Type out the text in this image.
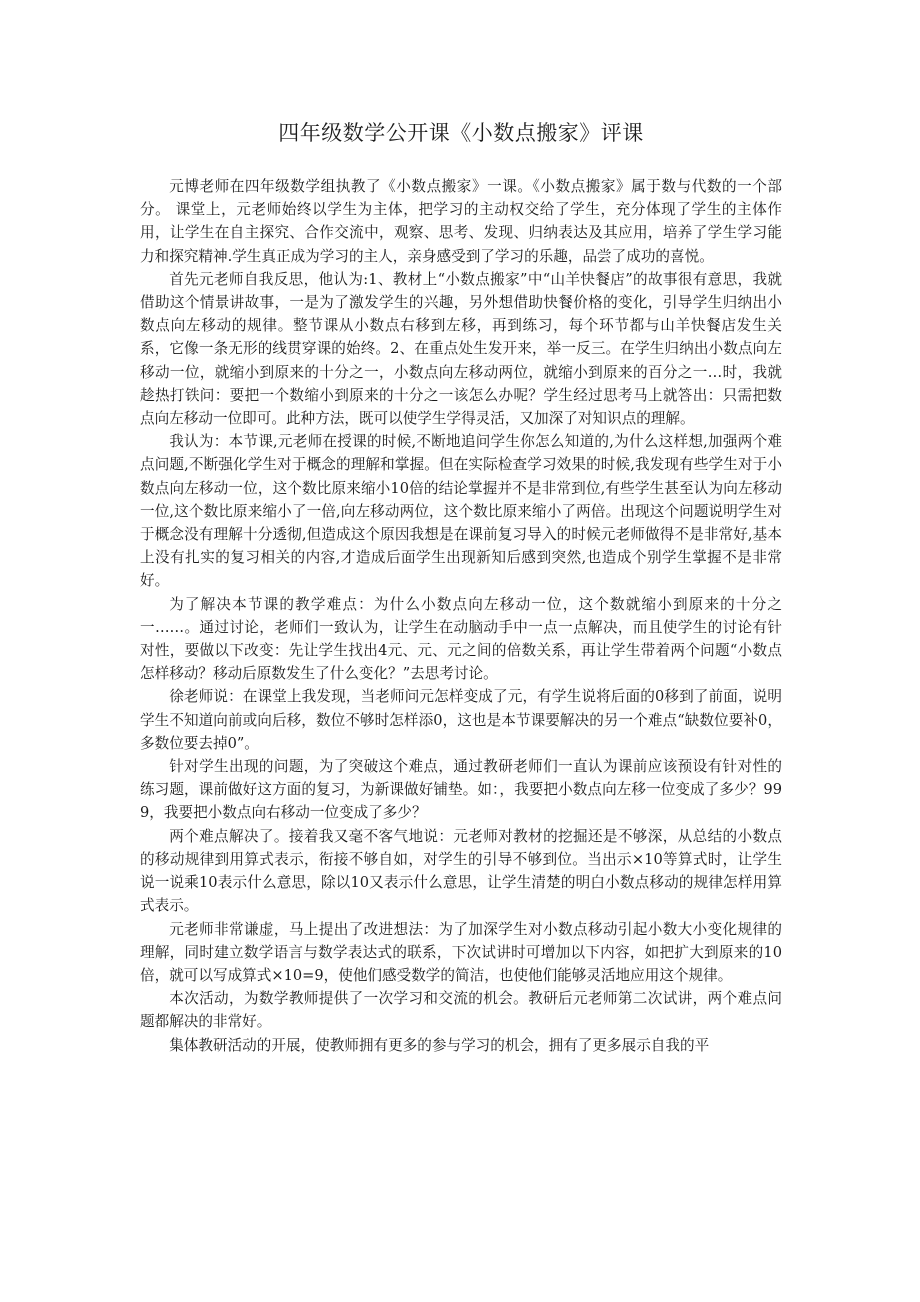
四年级数学公开课《小数点搬家》评课

元博老师在四年级数学组执教了《小数点搬家》一课。《小数点搬家》属于数与代数的一个部分。 课堂上，元老师始终以学生为主体，把学习的主动权交给了学生，充分体现了学生的主体作用，让学生在自主探究、合作交流中，观察、思考、发现、归纳表达及其应用，培养了学生学习能力和探究精神.学生真正成为学习的主人，亲身感受到了学习的乐趣，品尝了成功的喜悦。

首先元老师自我反思，他认为:1、教材上“小数点搬家”中“山羊快餐店”的故事很有意思，我就借助这个情景讲故事，一是为了激发学生的兴趣，另外想借助快餐价格的变化，引导学生归纳出小数点向左移动的规律。整节课从小数点右移到左移，再到练习，每个环节都与山羊快餐店发生关系，它像一条无形的线贯穿课的始终。2、在重点处生发开来，举一反三。在学生归纳出小数点向左移动一位，就缩小到原来的十分之一，小数点向左移动两位，就缩小到原来的百分之一…时，我就趁热打铁问：要把一个数缩小到原来的十分之一该怎么办呢？学生经过思考马上就答出：只需把数点向左移动一位即可。此种方法，既可以使学生学得灵活，又加深了对知识点的理解。

我认为：本节课,元老师在授课的时候,不断地追问学生你怎么知道的,为什么这样想,加强两个难点问题,不断强化学生对于概念的理解和掌握。但在实际检查学习效果的时候,我发现有些学生对于小数点向左移动一位，这个数比原来缩小10倍的结论掌握并不是非常到位,有些学生甚至认为向左移动一位,这个数比原来缩小了一倍,向左移动两位，这个数比原来缩小了两倍。出现这个问题说明学生对于概念没有理解十分透彻,但造成这个原因我想是在课前复习导入的时候元老师做得不是非常好,基本上没有扎实的复习相关的内容,才造成后面学生出现新知后感到突然,也造成个别学生掌握不是非常好。

为了解决本节课的教学难点：为什么小数点向左移动一位，这个数就缩小到原来的十分之一……。通过讨论，老师们一致认为，让学生在动脑动手中一点一点解决，而且使学生的讨论有针对性，要做以下改变：先让学生找出4元、元、元之间的倍数关系，再让学生带着两个问题“小数点怎样移动？移动后原数发生了什么变化？”去思考讨论。

徐老师说：在课堂上我发现，当老师问元怎样变成了元，有学生说将后面的0移到了前面，说明学生不知道向前或向后移，数位不够时怎样添0，这也是本节课要解决的另一个难点“缺数位要补0，多数位要去掉0”。

针对学生出现的问题，为了突破这个难点，通过教研老师们一直认为课前应该预设有针对性的练习题，课前做好这方面的复习，为新课做好铺垫。如：，我要把小数点向左移一位变成了多少？999，我要把小数点向右移动一位变成了多少？

两个难点解决了。接着我又毫不客气地说：元老师对教材的挖掘还是不够深，从总结的小数点的移动规律到用算式表示，衔接不够自如，对学生的引导不够到位。当出示×10等算式时，让学生说一说乘10表示什么意思，除以10又表示什么意思，让学生清楚的明白小数点移动的规律怎样用算式表示。

元老师非常谦虚，马上提出了改进想法：为了加深学生对小数点移动引起小数大小变化规律的理解，同时建立数学语言与数学表达式的联系，下次试讲时可增加以下内容，如把扩大到原来的10倍，就可以写成算式×10=9，使他们感受数学的简洁，也使他们能够灵活地应用这个规律。

本次活动，为数学教师提供了一次学习和交流的机会。教研后元老师第二次试讲，两个难点问题都解决的非常好。

集体教研活动的开展，使教师拥有更多的参与学习的机会，拥有了更多展示自我的平
